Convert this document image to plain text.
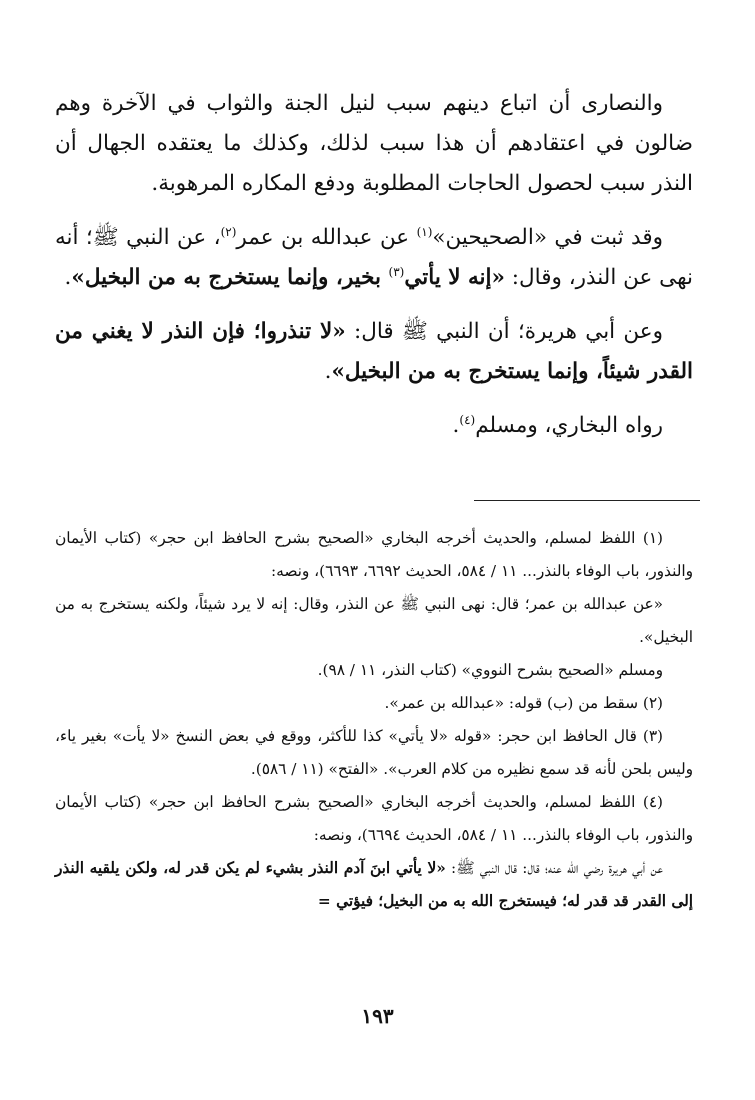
والنصارى أن اتباع دينهم سبب لنيل الجنة والثواب في الآخرة وهم ضالون في اعتقادهم أن هذا سبب لذلك، وكذلك ما يعتقده الجهال أن النذر سبب لحصول الحاجات المطلوبة ودفع المكاره المرهوبة.

وقد ثبت في «الصحيحين»$^{(١)}$ عن عبدالله بن عمر$^{(٢)}$، عن النبي ﷺ؛ أنه نهى عن النذر، وقال: «إنه لا يأتي$^{(٣)}$ بخير، وإنما يستخرج به من البخيل».

وعن أبي هريرة؛ أن النبي ﷺ قال: «لا تنذروا؛ فإن النذر لا يغني من القدر شيئاً، وإنما يستخرج به من البخيل».

رواه البخاري، ومسلم$^{(٤)}$.

(١) اللفظ لمسلم، والحديث أخرجه البخاري «الصحيح بشرح الحافظ ابن حجر» (كتاب الأيمان والنذور، باب الوفاء بالنذر... ١١ / ٥٨٤، الحديث ٦٦٩٢، ٦٦٩٣)، ونصه:

«عن عبدالله بن عمر؛ قال: نهى النبي ﷺ عن النذر، وقال: إنه لا يرد شيئاً، ولكنه يستخرج به من البخيل».

ومسلم «الصحيح بشرح النووي» (كتاب النذر، ١١ / ٩٨).

(٢) سقط من (ب) قوله: «عبدالله بن عمر».

(٣) قال الحافظ ابن حجر: «قوله «لا يأتي» كذا للأكثر، ووقع في بعض النسخ «لا يأت» بغير ياء، وليس بلحن لأنه قد سمع نظيره من كلام العرب». «الفتح» (١١ / ٥٨٦).

(٤) اللفظ لمسلم، والحديث أخرجه البخاري «الصحيح بشرح الحافظ ابن حجر» (كتاب الأيمان والنذور، باب الوفاء بالنذر... ١١ / ٥٨٤، الحديث ٦٦٩٤)، ونصه:

عن أبي هريرة رضي الله عنه؛ قال: قال النبي ﷺ: «لا يأتي ابنَ آدم النذر بشيء لم يكن قدر له، ولكن يلقيه النذر إلى القدر قد قدر له؛ فيستخرج الله به من البخيل؛ فيؤتي =

١٩٣
